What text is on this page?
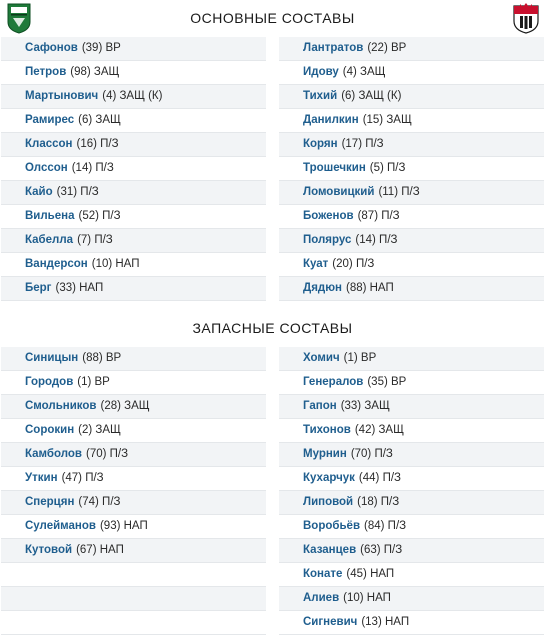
ОСНОВНЫЕ СОСТАВЫ
Сафонов (39) ВР
Петров (98) ЗАЩ
Мартынович (4) ЗАЩ (К)
Рамирес (6) ЗАЩ
Классон (16) П/З
Олссон (14) П/З
Кайо (31) П/З
Вильена (52) П/З
Кабелла (7) П/З
Вандерсон (10) НАП
Берг (33) НАП
Лантратов (22) ВР
Идову (4) ЗАЩ
Тихий (6) ЗАЩ (К)
Данилкин (15) ЗАЩ
Корян (17) П/З
Трошечкин (5) П/З
Ломовицкий (11) П/З
Боженов (87) П/З
Полярус (14) П/З
Куат (20) П/З
Дядюн (88) НАП
ЗАПАСНЫЕ СОСТАВЫ
Синицын (88) ВР
Городов (1) ВР
Смольников (28) ЗАЩ
Сорокин (2) ЗАЩ
Камболов (70) П/З
Уткин (47) П/З
Сперцян (74) П/З
Сулейманов (93) НАП
Кутовой (67) НАП
Хомич (1) ВР
Генералов (35) ВР
Гапон (33) ЗАЩ
Тихонов (42) ЗАЩ
Мурнин (70) П/З
Кухарчук (44) П/З
Липовой (18) П/З
Воробьёв (84) П/З
Казанцев (63) П/З
Конате (45) НАП
Алиев (10) НАП
Сигневич (13) НАП
